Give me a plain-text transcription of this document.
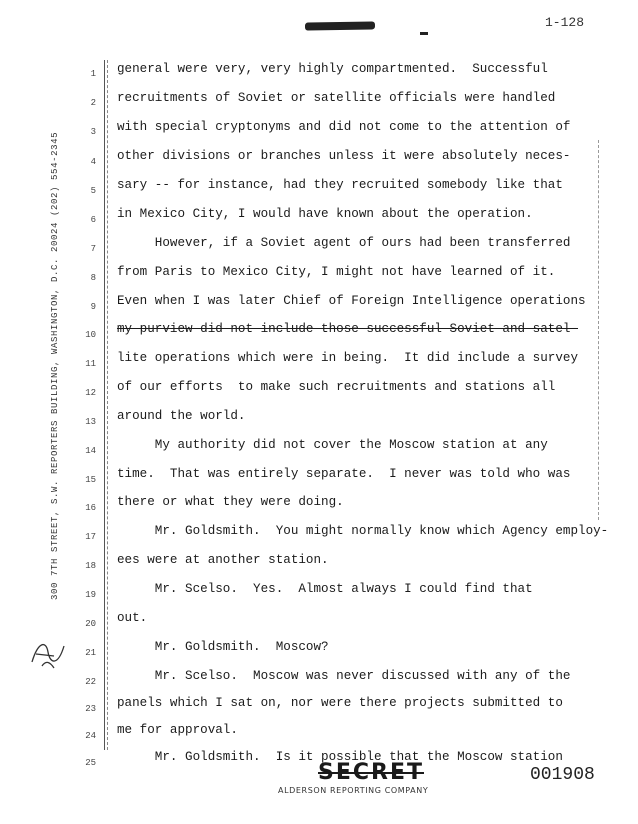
1-128
1
2
3
4
5
6
7
8
9
10
11
12
13
14
15
16
17
18
19
20
21
22
23
24
25
300 7TH STREET, S.W. REPORTERS BUILDING, WASHINGTON, D.C. 20024 (202) 554-2345
general were very, very highly compartmented.  Successful
recruitments of Soviet or satellite officials were handled
with special cryptonyms and did not come to the attention of
other divisions or branches unless it were absolutely neces-
sary -- for instance, had they recruited somebody like that
in Mexico City, I would have known about the operation.
However, if a Soviet agent of ours had been transferred
from Paris to Mexico City, I might not have learned of it.
Even when I was later Chief of Foreign Intelligence operations
my purview did not include those successful Soviet and satel-
lite operations which were in being.  It did include a survey
of our efforts  to make such recruitments and stations all
around the world.
My authority did not cover the Moscow station at any
time.  That was entirely separate.  I never was told who was
there or what they were doing.
Mr. Goldsmith.  You might normally know which Agency employ-
ees were at another station.
Mr. Scelso.  Yes.  Almost always I could find that
out.
Mr. Goldsmith.  Moscow?
Mr. Scelso.  Moscow was never discussed with any of the
panels which I sat on, nor were there projects submitted to
me for approval.
Mr. Goldsmith.  Is it possible that the Moscow station
SECRET
ALDERSON REPORTING COMPANY
001908
